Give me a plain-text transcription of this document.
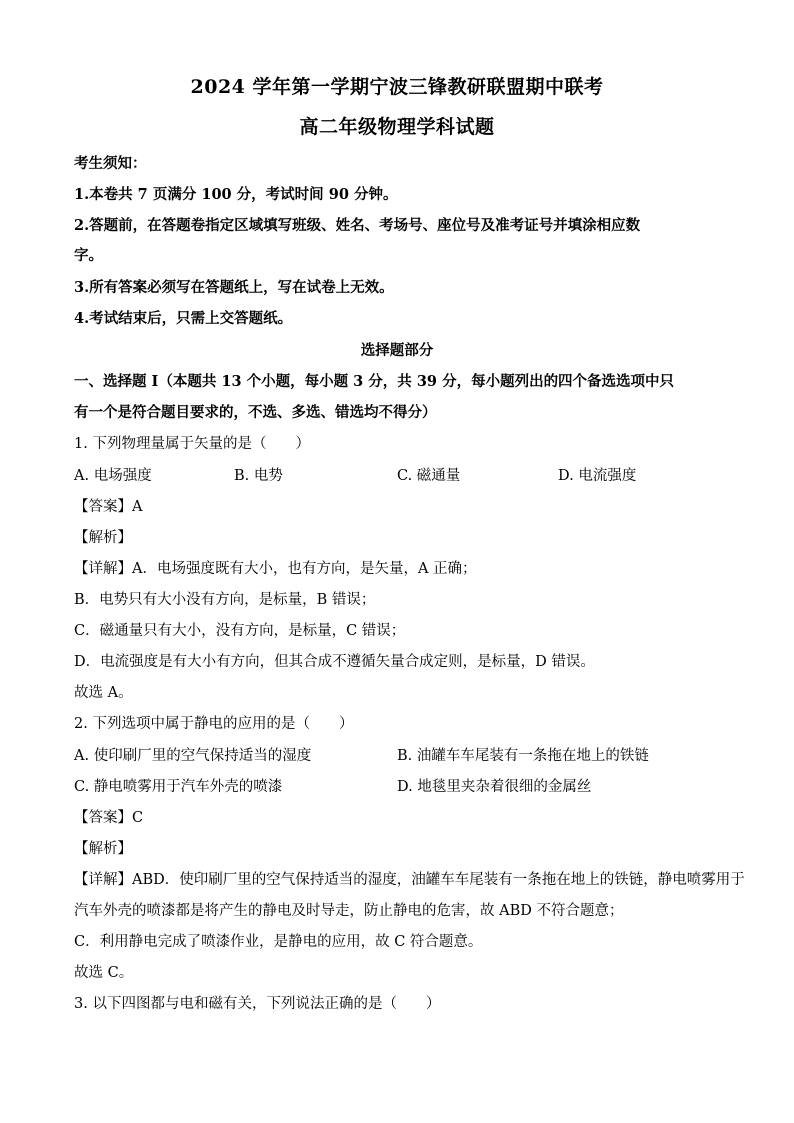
2024 学年第一学期宁波三锋教研联盟期中联考
高二年级物理学科试题
考生须知：
1.本卷共 7 页满分 100 分，考试时间 90 分钟。
2.答题前，在答题卷指定区域填写班级、姓名、考场号、座位号及准考证号并填涂相应数
字。
3.所有答案必须写在答题纸上，写在试卷上无效。
4.考试结束后，只需上交答题纸。
选择题部分
一、选择题 I（本题共 13 个小题，每小题 3 分，共 39 分，每小题列出的四个备选选项中只
有一个是符合题目要求的，不选、多选、错选均不得分）
1. 下列物理量属于矢量的是（　　）
A. 电场强度	B. 电势	C. 磁通量	D. 电流强度
【答案】A
【解析】
【详解】A．电场强度既有大小，也有方向，是矢量，A 正确；
B．电势只有大小没有方向，是标量，B 错误；
C．磁通量只有大小，没有方向，是标量，C 错误；
D．电流强度是有大小有方向，但其合成不遵循矢量合成定则，是标量，D 错误。
故选 A。
2. 下列选项中属于静电的应用的是（　　）
A. 使印刷厂里的空气保持适当的湿度	B. 油罐车车尾装有一条拖在地上的铁链
C. 静电喷雾用于汽车外壳的喷漆	D. 地毯里夹杂着很细的金属丝
【答案】C
【解析】
【详解】ABD．使印刷厂里的空气保持适当的湿度，油罐车车尾装有一条拖在地上的铁链，静电喷雾用于
汽车外壳的喷漆都是将产生的静电及时导走，防止静电的危害，故 ABD 不符合题意；
C．利用静电完成了喷漆作业，是静电的应用，故 C 符合题意。
故选 C。
3. 以下四图都与电和磁有关，下列说法正确的是（　　）
